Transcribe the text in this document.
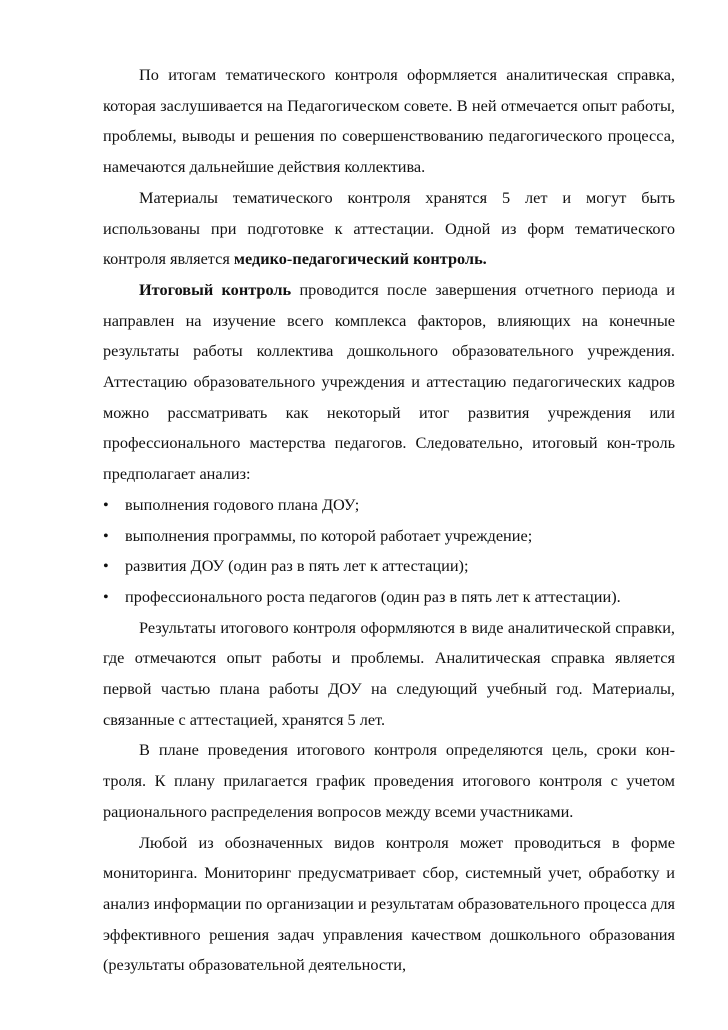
По итогам тематического контроля оформляется аналитическая справка, которая заслушивается на Педагогическом совете. В ней отмечается опыт работы, проблемы, выводы и решения по совершенствованию педагогического процесса, намечаются дальнейшие действия коллектива.

Материалы тематического контроля хранятся 5 лет и могут быть использованы при подготовке к аттестации. Одной из форм тематического контроля является медико-педагогический контроль.

Итоговый контроль проводится после завершения отчетного периода и направлен на изучение всего комплекса факторов, влияющих на конечные результаты работы коллектива дошкольного образовательного учреждения. Аттестацию образовательного учреждения и аттестацию педагогических кадров можно рассматривать как некоторый итог развития учреждения или профессионального мастерства педагогов. Следовательно, итоговый кон-троль предполагает анализ:

• выполнения годового плана ДОУ;
• выполнения программы, по которой работает учреждение;
• развития ДОУ (один раз в пять лет к аттестации);
• профессионального роста педагогов (один раз в пять лет к аттестации).

Результаты итогового контроля оформляются в виде аналитической справки, где отмечаются опыт работы и проблемы. Аналитическая справка является первой частью плана работы ДОУ на следующий учебный год. Материалы, связанные с аттестацией, хранятся 5 лет.

В плане проведения итогового контроля определяются цель, сроки кон-троля. К плану прилагается график проведения итогового контроля с учетом рационального распределения вопросов между всеми участниками.

Любой из обозначенных видов контроля может проводиться в форме мониторинга. Мониторинг предусматривает сбор, системный учет, обработку и анализ информации по организации и результатам образовательного процесса для эффективного решения задач управления качеством дошкольного образования (результаты образовательной деятельности,
